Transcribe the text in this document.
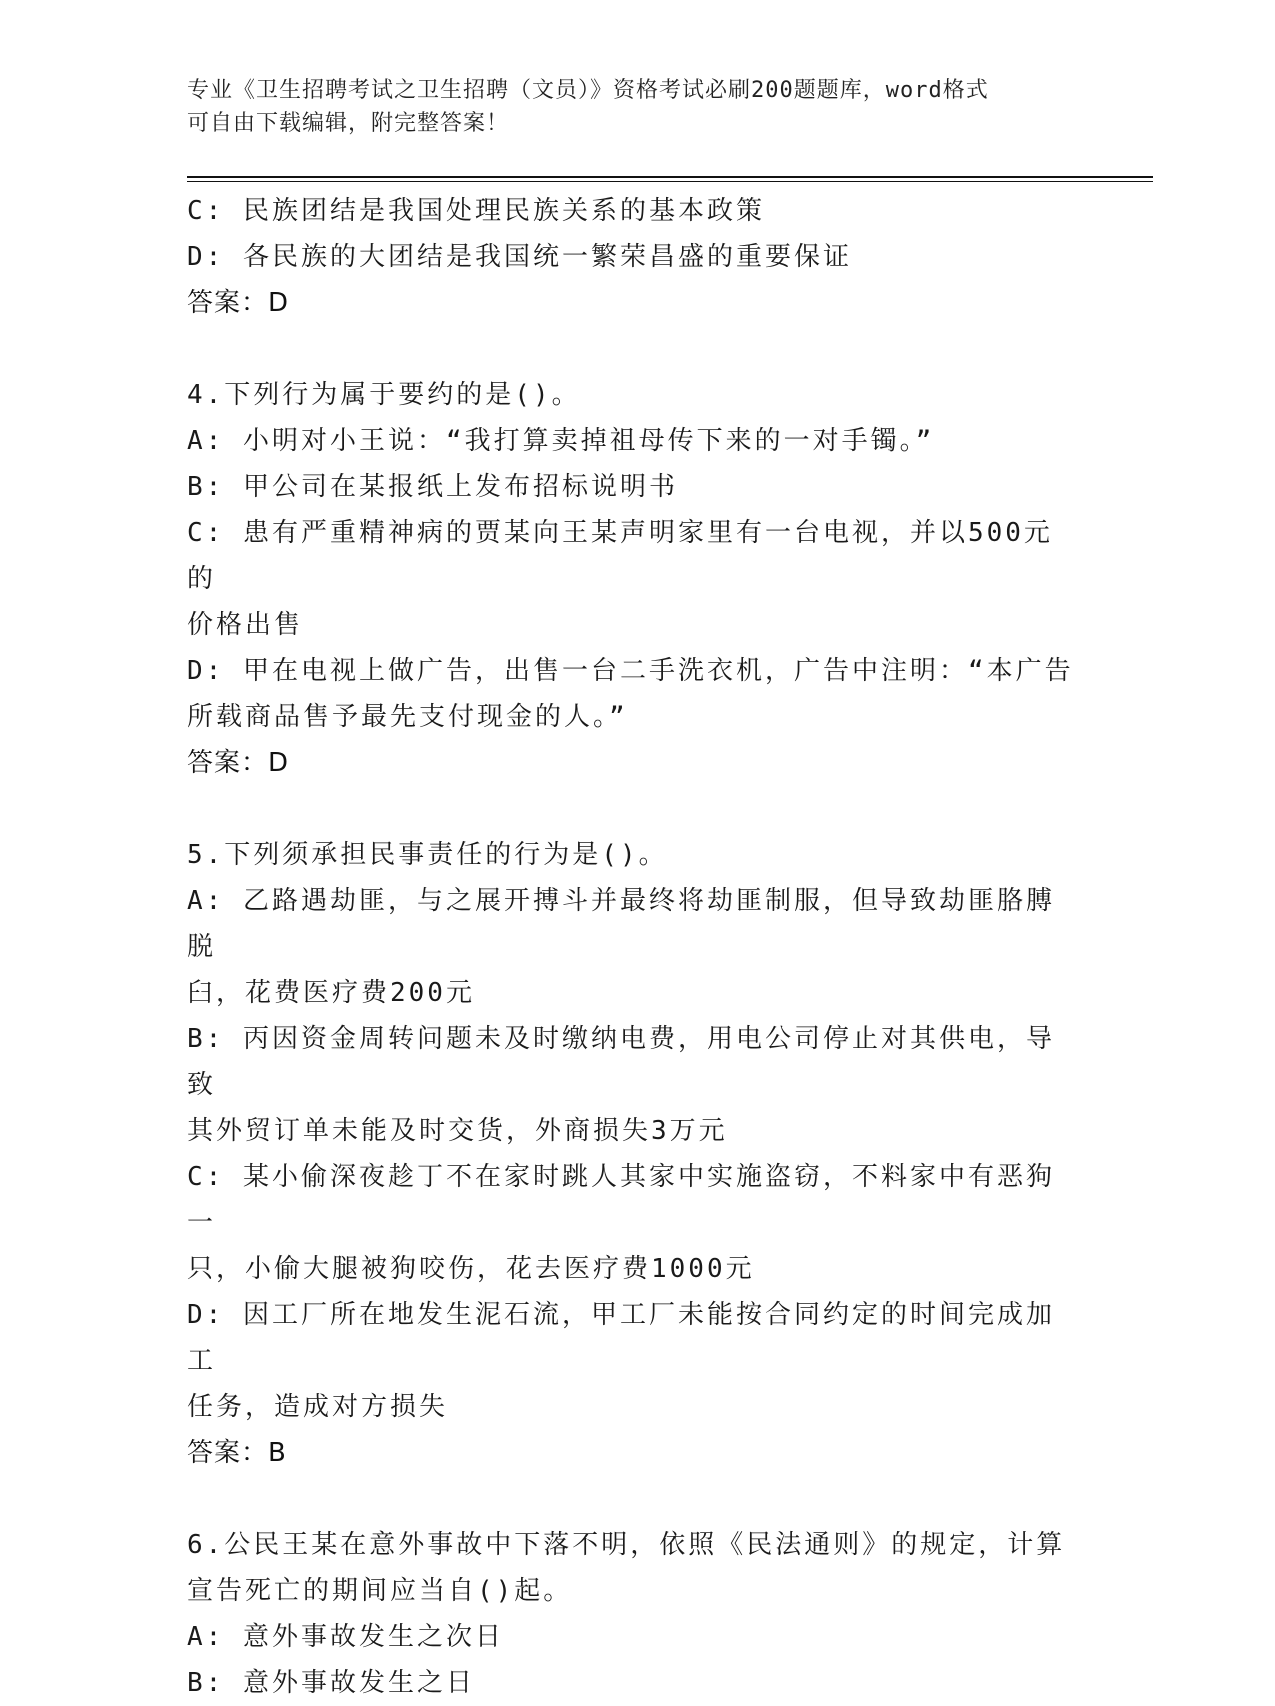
专业《卫生招聘考试之卫生招聘（文员）》资格考试必刷200题题库，word格式
可自由下载编辑，附完整答案！
C: 民族团结是我国处理民族关系的基本政策
D: 各民族的大团结是我国统一繁荣昌盛的重要保证
答案：D
4.下列行为属于要约的是()。
A: 小明对小王说：“我打算卖掉祖母传下来的一对手镯。”
B: 甲公司在某报纸上发布招标说明书
C: 患有严重精神病的贾某向王某声明家里有一台电视，并以500元的
价格出售
D: 甲在电视上做广告，出售一台二手洗衣机，广告中注明：“本广告
所载商品售予最先支付现金的人。”
答案：D
5.下列须承担民事责任的行为是()。
A: 乙路遇劫匪，与之展开搏斗并最终将劫匪制服，但导致劫匪胳膊脱
臼，花费医疗费200元
B: 丙因资金周转问题未及时缴纳电费，用电公司停止对其供电，导致
其外贸订单未能及时交货，外商损失3万元
C: 某小偷深夜趁丁不在家时跳人其家中实施盗窃，不料家中有恶狗一
只，小偷大腿被狗咬伤，花去医疗费1000元
D: 因工厂所在地发生泥石流，甲工厂未能按合同约定的时间完成加工
任务，造成对方损失
答案：B
6.公民王某在意外事故中下落不明，依照《民法通则》的规定，计算
宣告死亡的期间应当自()起。
A: 意外事故发生之次日
B: 意外事故发生之日
